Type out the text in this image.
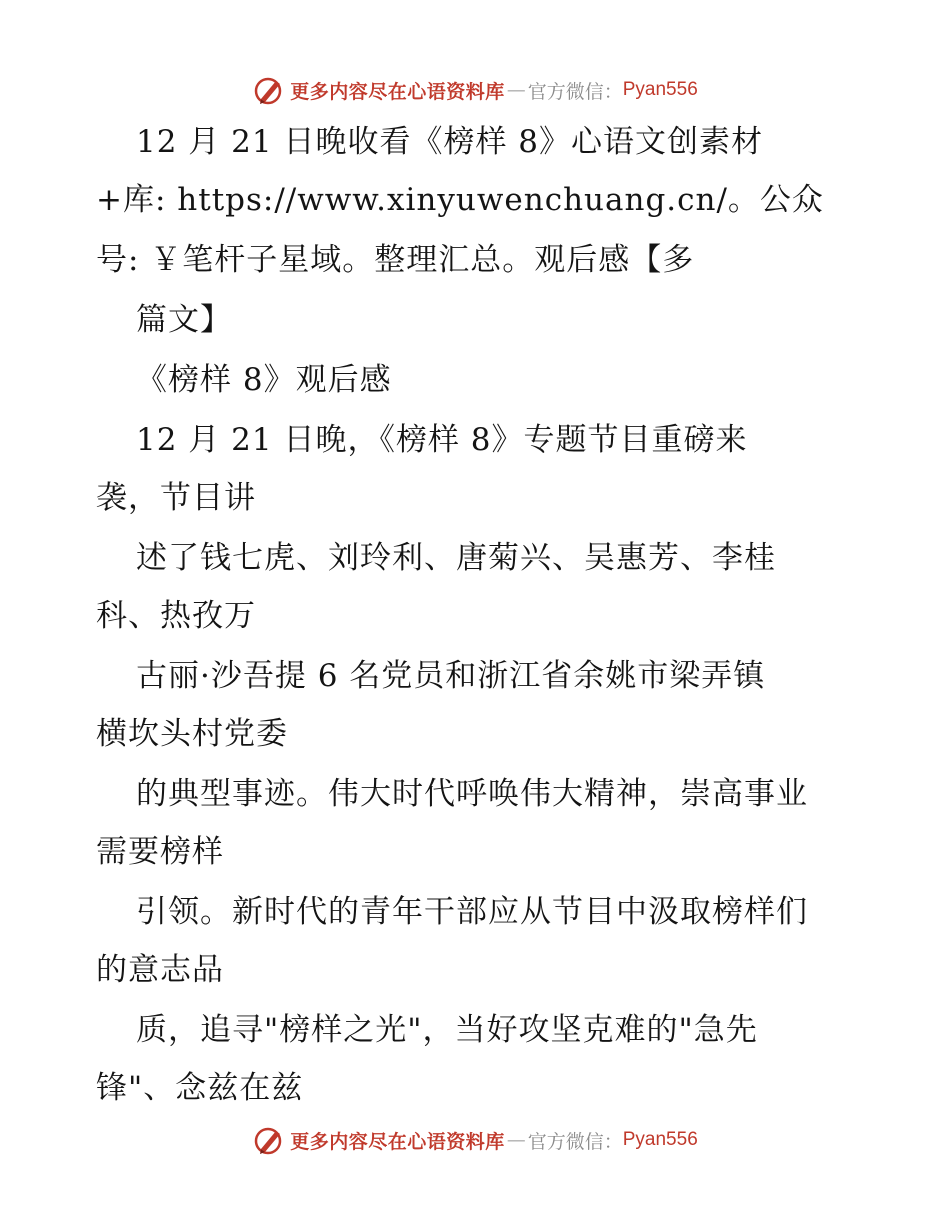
更多内容尽在心语资料库 — 官方微信： Pyan556
12 月 21 日晚收看《榜样 8》心语文创素材
+库: https://www.xinyuwenchuang.cn/。公众
号: ￥笔杆子星域。整理汇总。观后感【多
篇文】
《榜样 8》观后感
12 月 21 日晚，《榜样 8》专题节目重磅来
袭，节目讲
述了钱七虎、刘玲利、唐菊兴、吴惠芳、李桂
科、热孜万
古丽·沙吾提 6 名党员和浙江省余姚市梁弄镇
横坎头村党委
的典型事迹。伟大时代呼唤伟大精神，崇高事业
需要榜样
引领。新时代的青年干部应从节目中汲取榜样们
的意志品
质，追寻"榜样之光"，当好攻坚克难的"急先
锋"、念兹在兹
更多内容尽在心语资料库 — 官方微信： Pyan556
